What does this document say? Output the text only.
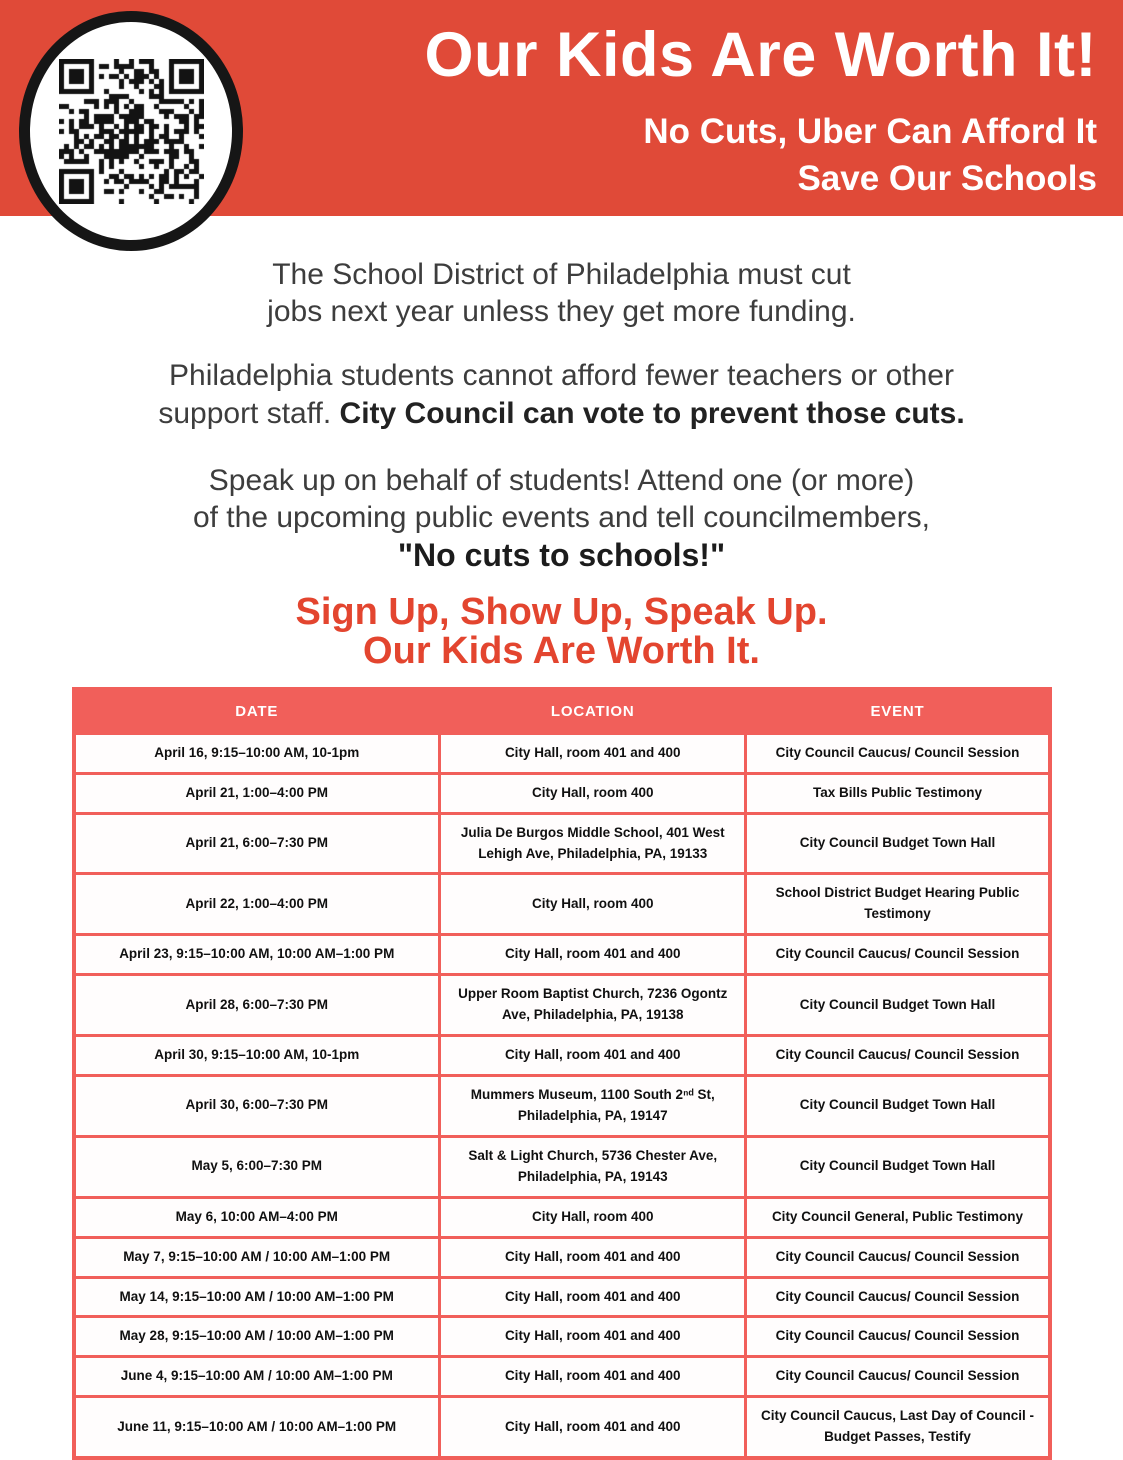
Our Kids Are Worth It!
No Cuts, Uber Can Afford It
Save Our Schools

The School District of Philadelphia must cut
jobs next year unless they get more funding.

Philadelphia students cannot afford fewer teachers or other
support staff. City Council can vote to prevent those cuts.

Speak up on behalf of students! Attend one (or more)
of the upcoming public events and tell councilmembers,
"No cuts to schools!"

Sign Up, Show Up, Speak Up.
Our Kids Are Worth It.
DATE	LOCATION	EVENT
April 16, 9:15–10:00 AM, 10-1pm	City Hall, room 401 and 400	City Council Caucus/ Council Session
April 21, 1:00–4:00 PM	City Hall, room 400	Tax Bills Public Testimony
April 21, 6:00–7:30 PM	Julia De Burgos Middle School, 401 West Lehigh Ave, Philadelphia, PA, 19133	City Council Budget Town Hall
April 22, 1:00–4:00 PM	City Hall, room 400	School District Budget Hearing Public Testimony
April 23, 9:15–10:00 AM, 10:00 AM–1:00 PM	City Hall, room 401 and 400	City Council Caucus/ Council Session
April 28, 6:00–7:30 PM	Upper Room Baptist Church, 7236 Ogontz Ave, Philadelphia, PA, 19138	City Council Budget Town Hall
April 30, 9:15–10:00 AM, 10-1pm	City Hall, room 401 and 400	City Council Caucus/ Council Session
April 30, 6:00–7:30 PM	Mummers Museum, 1100 South 2ⁿᵈ St, Philadelphia, PA, 19147	City Council Budget Town Hall
May 5, 6:00–7:30 PM	Salt & Light Church, 5736 Chester Ave, Philadelphia, PA, 19143	City Council Budget Town Hall
May 6, 10:00 AM–4:00 PM	City Hall, room 400	City Council General, Public Testimony
May 7, 9:15–10:00 AM / 10:00 AM–1:00 PM	City Hall, room 401 and 400	City Council Caucus/ Council Session
May 14, 9:15–10:00 AM / 10:00 AM–1:00 PM	City Hall, room 401 and 400	City Council Caucus/ Council Session
May 28, 9:15–10:00 AM / 10:00 AM–1:00 PM	City Hall, room 401 and 400	City Council Caucus/ Council Session
June 4, 9:15–10:00 AM / 10:00 AM–1:00 PM	City Hall, room 401 and 400	City Council Caucus/ Council Session
June 11, 9:15–10:00 AM / 10:00 AM–1:00 PM	City Hall, room 401 and 400	City Council Caucus, Last Day of Council - Budget Passes, Testify
